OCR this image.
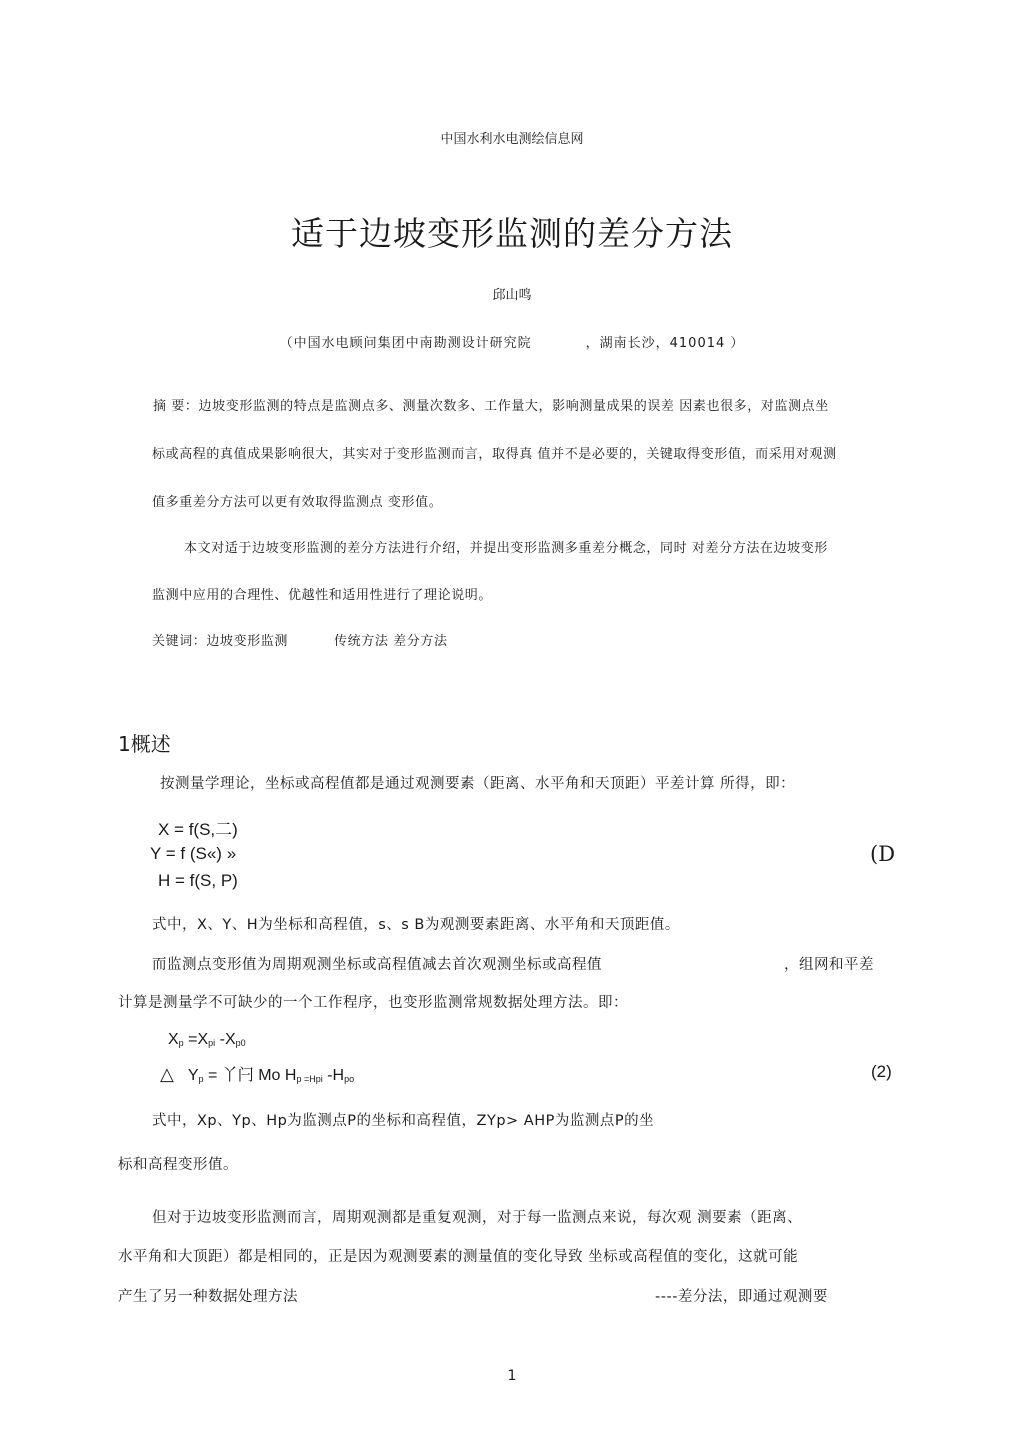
中国水利水电测绘信息网
适于边坡变形监测的差分方法
邱山鸣
（中国水电顾问集团中南勘测设计研究院	，湖南长沙，410014 ）
摘 要：边坡变形监测的特点是监测点多、测量次数多、工作量大，影响测量成果的误差 因素也很多，对监测点坐
标或高程的真值成果影响很大，其实对于变形监测而言，取得真 值并不是必要的，关键取得变形值，而采用对观测
值多重差分方法可以更有效取得监测点 变形值。
本文对适于边坡变形监测的差分方法进行介绍，并提出变形监测多重差分概念，同时 对差分方法在边坡变形
监测中应用的合理性、优越性和适用性进行了理论说明。
关键词：边坡变形监测	传统方法 差分方法
1概述
按测量学理论，坐标或高程值都是通过观测要素（距离、水平角和天顶距）平差计算 所得，即：
X = f(S,二)
Y = f (S«) »
H = f(S, P)
(D
式中，X、Y、H为坐标和高程值，s、s B为观测要素距离、水平角和天顶距值。
而监测点变形值为周期观测坐标或高程值减去首次观测坐标或高程值	，组网和平差
计算是测量学不可缺少的一个工作程序，也变形监测常规数据处理方法。即：
$X_p =X_{pi}$ $-X_{p0}$
△ $Y_p$ = 丫闩 Mo $H_{p =Hpi}$ $-H_{po}$	(2)
式中，Xp、Yp、Hp为监测点P的坐标和高程值，ZYp> AHP为监测点P的坐
标和高程变形值。
但对于边坡变形监测而言，周期观测都是重复观测，对于每一监测点来说，每次观 测要素（距离、
水平角和大顶距）都是相同的，正是因为观测要素的测量值的变化导致 坐标或高程值的变化，这就可能
产生了另一种数据处理方法	----差分法，即通过观测要
1
